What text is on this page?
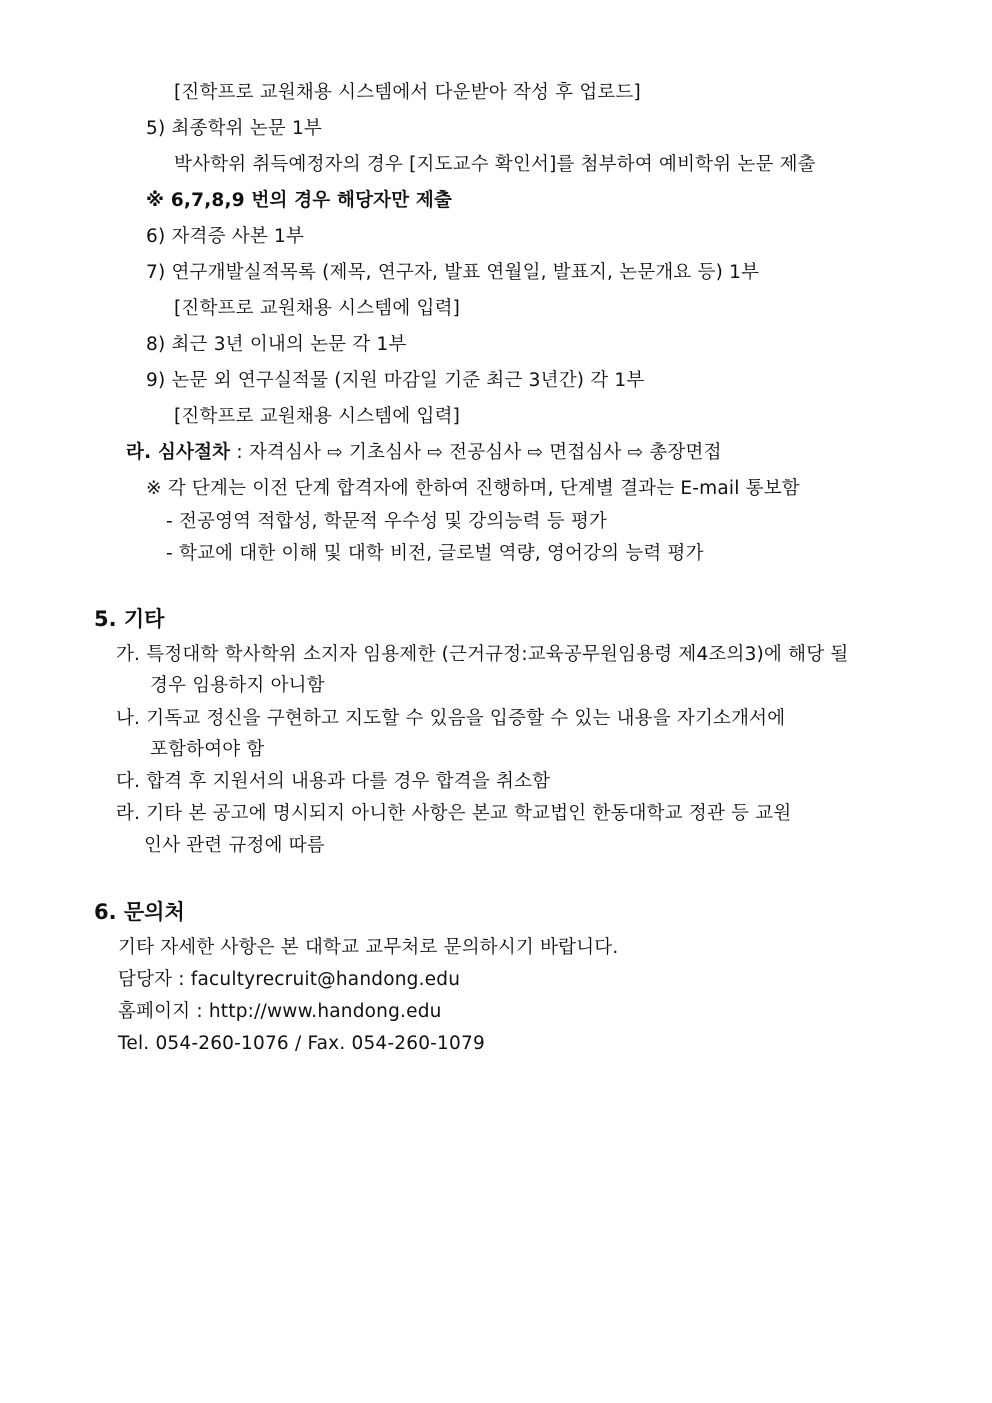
[진학프로 교원채용 시스템에서 다운받아 작성 후 업로드]
5) 최종학위 논문 1부
박사학위 취득예정자의 경우 [지도교수 확인서]를 첨부하여 예비학위 논문 제출
※ 6,7,8,9 번의 경우 해당자만 제출
6) 자격증 사본 1부
7) 연구개발실적목록 (제목, 연구자, 발표 연월일, 발표지, 논문개요 등) 1부
[진학프로 교원채용 시스템에 입력]
8) 최근 3년 이내의 논문 각 1부
9) 논문 외 연구실적물 (지원 마감일 기준 최근 3년간) 각 1부
[진학프로 교원채용 시스템에 입력]
라. 심사절차 : 자격심사 ⇨ 기초심사 ⇨ 전공심사 ⇨ 면접심사 ⇨ 총장면접
※ 각 단계는 이전 단계 합격자에 한하여 진행하며, 단계별 결과는 E-mail 통보함
- 전공영역 적합성, 학문적 우수성 및 강의능력 등 평가
- 학교에 대한 이해 및 대학 비전, 글로벌 역량, 영어강의 능력 평가
5. 기타
가. 특정대학 학사학위 소지자 임용제한 (근거규정:교육공무원임용령 제4조의3)에 해당 될
경우 임용하지 아니함
나. 기독교 정신을 구현하고 지도할 수 있음을 입증할 수 있는 내용을 자기소개서에
포함하여야 함
다. 합격 후 지원서의 내용과 다를 경우 합격을 취소함
라. 기타 본 공고에 명시되지 아니한 사항은 본교 학교법인 한동대학교 정관 등 교원
인사 관련 규정에 따름
6. 문의처
기타 자세한 사항은 본 대학교 교무처로 문의하시기 바랍니다.
담당자 : facultyrecruit@handong.edu
홈페이지 : http://www.handong.edu
Tel. 054-260-1076 / Fax. 054-260-1079
